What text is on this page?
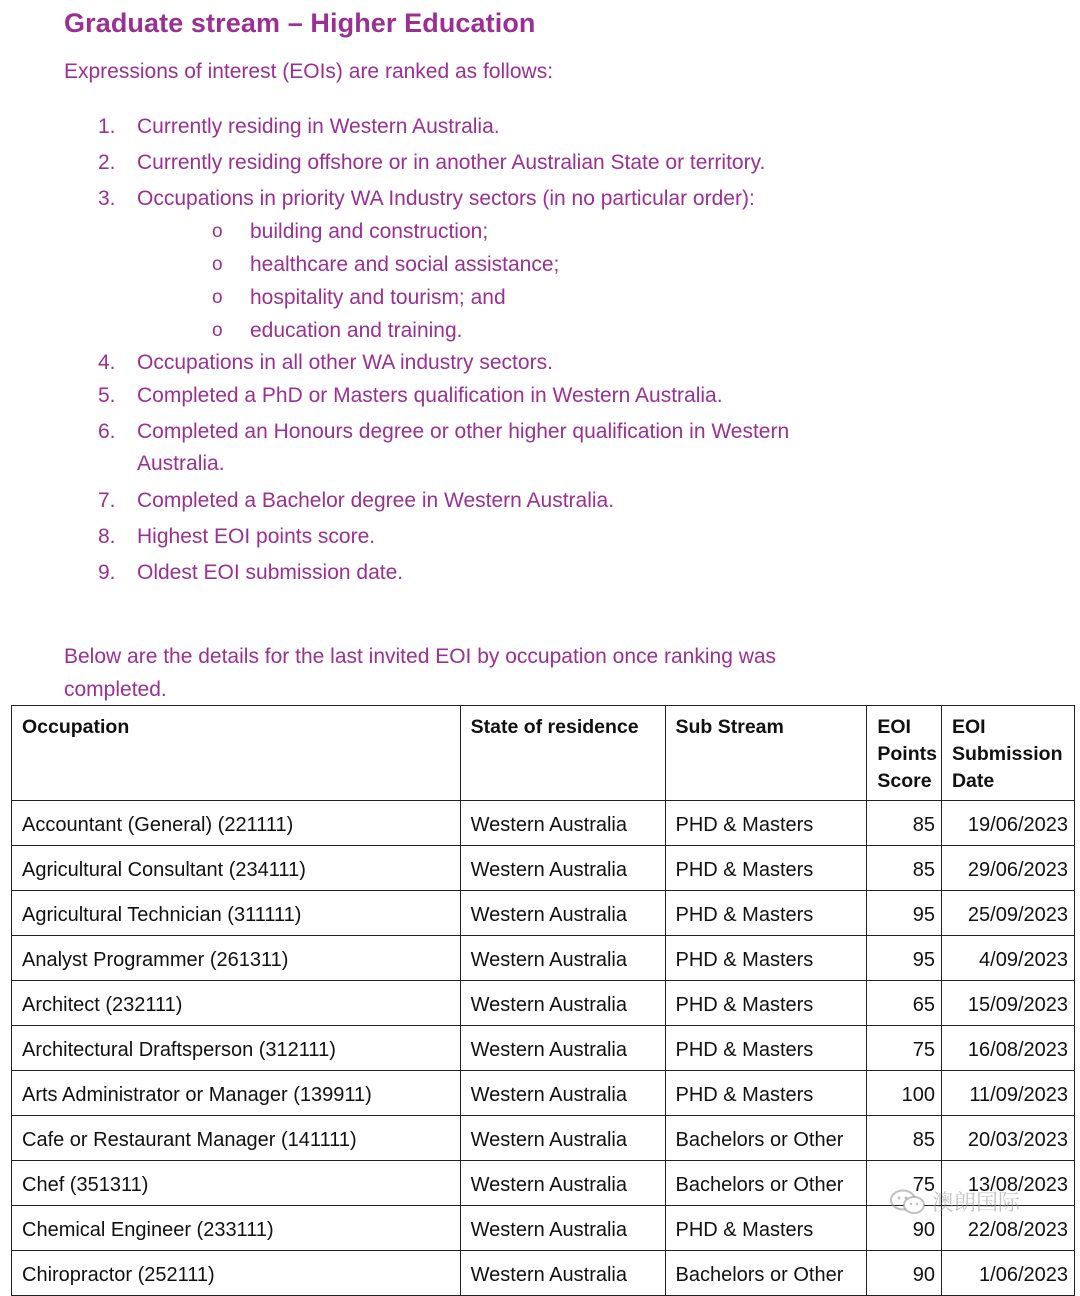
Graduate stream – Higher Education

Expressions of interest (EOIs) are ranked as follows:

1. Currently residing in Western Australia.
2. Currently residing offshore or in another Australian State or territory.
3. Occupations in priority WA Industry sectors (in no particular order):
o building and construction;
o healthcare and social assistance;
o hospitality and tourism; and
o education and training.
4. Occupations in all other WA industry sectors.
5. Completed a PhD or Masters qualification in Western Australia.
6. Completed an Honours degree or other higher qualification in Western Australia.
7. Completed a Bachelor degree in Western Australia.
8. Highest EOI points score.
9. Oldest EOI submission date.

Below are the details for the last invited EOI by occupation once ranking was completed.

Occupation	State of residence	Sub Stream	EOI Points Score	EOI Submission Date
Accountant (General) (221111)	Western Australia	PHD & Masters	85	19/06/2023
Agricultural Consultant (234111)	Western Australia	PHD & Masters	85	29/06/2023
Agricultural Technician (311111)	Western Australia	PHD & Masters	95	25/09/2023
Analyst Programmer (261311)	Western Australia	PHD & Masters	95	4/09/2023
Architect (232111)	Western Australia	PHD & Masters	65	15/09/2023
Architectural Draftsperson (312111)	Western Australia	PHD & Masters	75	16/08/2023
Arts Administrator or Manager (139911)	Western Australia	PHD & Masters	100	11/09/2023
Cafe or Restaurant Manager (141111)	Western Australia	Bachelors or Other	85	20/03/2023
Chef (351311)	Western Australia	Bachelors or Other	75	13/08/2023
Chemical Engineer (233111)	Western Australia	PHD & Masters	90	22/08/2023
Chiropractor (252111)	Western Australia	Bachelors or Other	90	1/06/2023
澳朗国际
